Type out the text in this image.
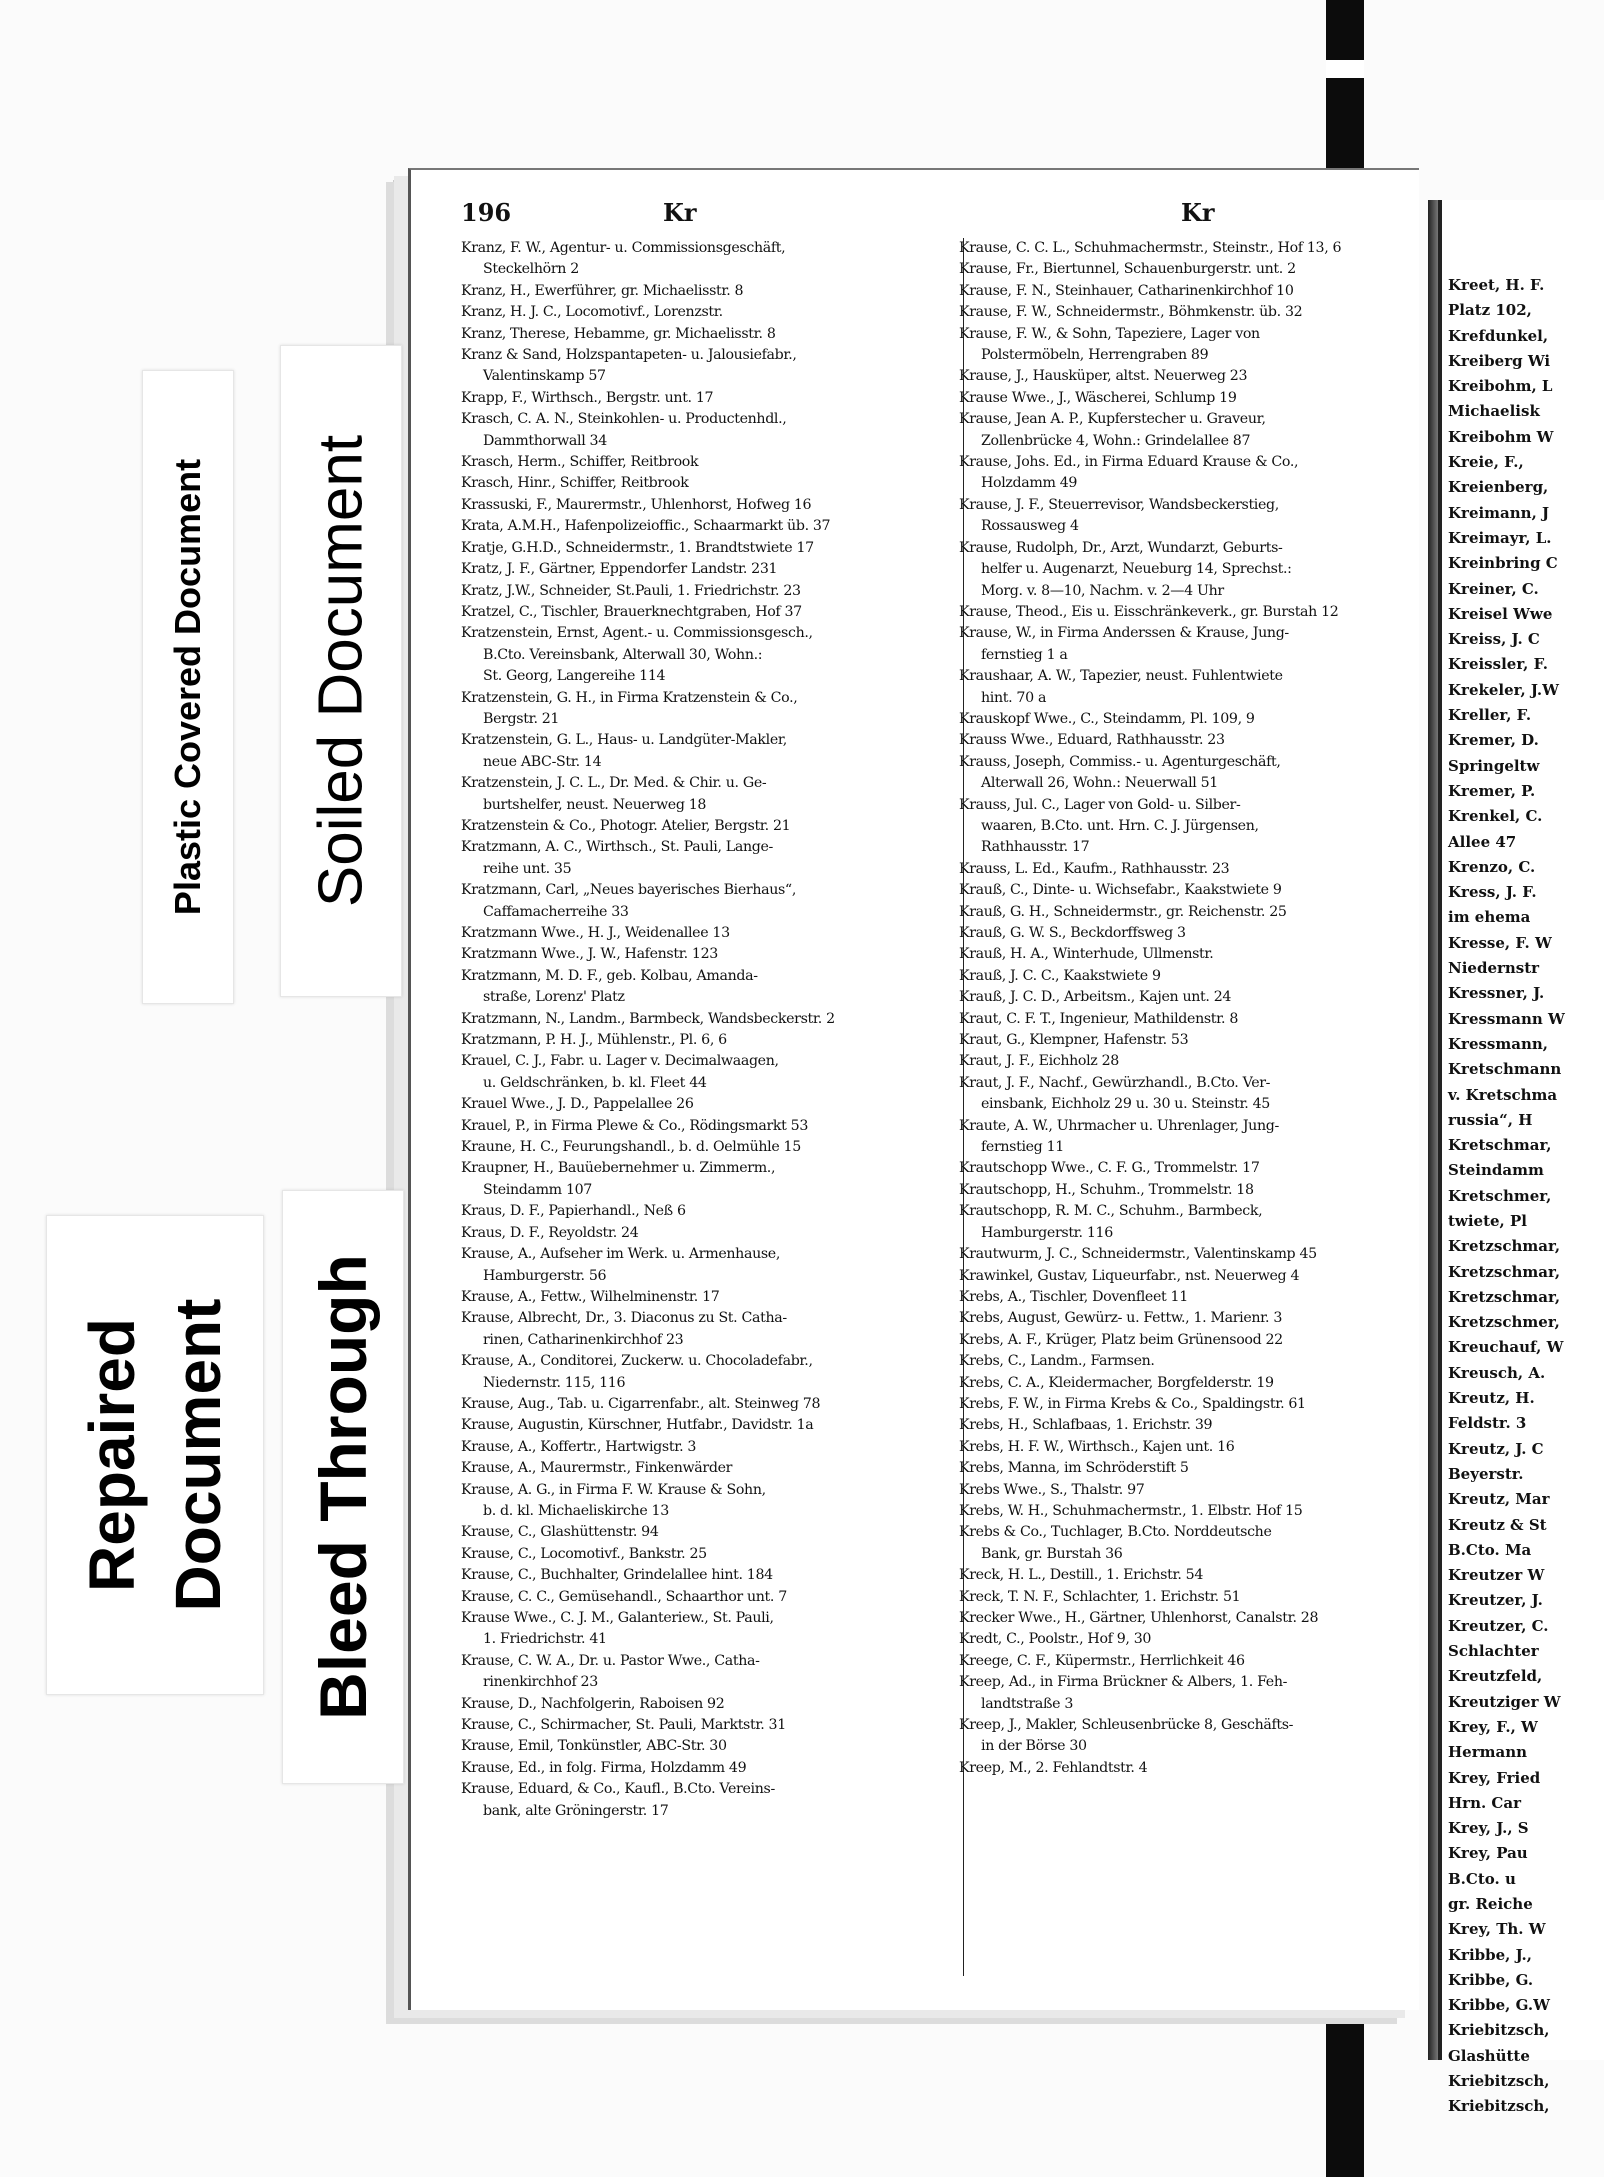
Kreet, H. F.
Platz 102,
Krefdunkel,
Kreiberg Wi
Kreibohm, L
Michaelisk
Kreibohm W
Kreie, F.,
Kreienberg,
Kreimann, J
Kreimayr, L.
Kreinbring C
Kreiner, C.
Kreisel Wwe
Kreiss, J. C
Kreissler, F.
Krekeler, J.W
Kreller, F.
Kremer, D.
Springeltw
Kremer, P.
Krenkel, C.
Allee 47
Krenzo, C.
Kress, J. F.
im ehema
Kresse, F. W
Niedernstr
Kressner, J.
Kressmann W
Kressmann,
Kretschmann
v. Kretschma
russia“, H
Kretschmar,
Steindamm
Kretschmer,
twiete, Pl
Kretzschmar,
Kretzschmar,
Kretzschmar,
Kretzschmer,
Kreuchauf, W
Kreusch, A.
Kreutz, H.
Feldstr. 3
Kreutz, J. C
Beyerstr.
Kreutz, Mar
Kreutz & St
B.Cto. Ma
Kreutzer W
Kreutzer, J.
Kreutzer, C.
Schlachter
Kreutzfeld,
Kreutziger W
Krey, F., W
Hermann
Krey, Fried
Hrn. Car
Krey, J., S
Krey, Pau
B.Cto. u
gr. Reiche
Krey, Th. W
Kribbe, J.,
Kribbe, G.
Kribbe, G.W
Kriebitzsch,
Glashütte
Kriebitzsch,
Kriebitzsch,
196	Kr	Kr
Kranz, F. W., Agentur- u. Commissionsgeschäft,
Steckelhörn 2
Kranz, H., Ewerführer, gr. Michaelisstr. 8
Kranz, H. J. C., Locomotivf., Lorenzstr.
Kranz, Therese, Hebamme, gr. Michaelisstr. 8
Kranz & Sand, Holzspantapeten- u. Jalousiefabr.,
Valentinskamp 57
Krapp, F., Wirthsch., Bergstr. unt. 17
Krasch, C. A. N., Steinkohlen- u. Productenhdl.,
Dammthorwall 34
Krasch, Herm., Schiffer, Reitbrook
Krasch, Hinr., Schiffer, Reitbrook
Krassuski, F., Maurermstr., Uhlenhorst, Hofweg 16
Krata, A.M.H., Hafenpolizeioffic., Schaarmarkt üb. 37
Kratje, G.H.D., Schneidermstr., 1. Brandtstwiete 17
Kratz, J. F., Gärtner, Eppendorfer Landstr. 231
Kratz, J.W., Schneider, St.Pauli, 1. Friedrichstr. 23
Kratzel, C., Tischler, Brauerknechtgraben, Hof 37
Kratzenstein, Ernst, Agent.- u. Commissionsgesch.,
B.Cto. Vereinsbank, Alterwall 30, Wohn.:
St. Georg, Langereihe 114
Kratzenstein, G. H., in Firma Kratzenstein & Co.,
Bergstr. 21
Kratzenstein, G. L., Haus- u. Landgüter-Makler,
neue ABC-Str. 14
Kratzenstein, J. C. L., Dr. Med. & Chir. u. Ge-
burtshelfer, neust. Neuerweg 18
Kratzenstein & Co., Photogr. Atelier, Bergstr. 21
Kratzmann, A. C., Wirthsch., St. Pauli, Lange-
reihe unt. 35
Kratzmann, Carl, „Neues bayerisches Bierhaus“,
Caffamacherreihe 33
Kratzmann Wwe., H. J., Weidenallee 13
Kratzmann Wwe., J. W., Hafenstr. 123
Kratzmann, M. D. F., geb. Kolbau, Amanda-
straße, Lorenz' Platz
Kratzmann, N., Landm., Barmbeck, Wandsbeckerstr. 2
Kratzmann, P. H. J., Mühlenstr., Pl. 6, 6
Krauel, C. J., Fabr. u. Lager v. Decimalwaagen,
u. Geldschränken, b. kl. Fleet 44
Krauel Wwe., J. D., Pappelallee 26
Krauel, P., in Firma Plewe & Co., Rödingsmarkt 53
Kraune, H. C., Feurungshandl., b. d. Oelmühle 15
Kraupner, H., Bauüebernehmer u. Zimmerm.,
Steindamm 107
Kraus, D. F., Papierhandl., Neß 6
Kraus, D. F., Reyoldstr. 24
Krause, A., Aufseher im Werk. u. Armenhause,
Hamburgerstr. 56
Krause, A., Fettw., Wilhelminenstr. 17
Krause, Albrecht, Dr., 3. Diaconus zu St. Catha-
rinen, Catharinenkirchhof 23
Krause, A., Conditorei, Zuckerw. u. Chocoladefabr.,
Niedernstr. 115, 116
Krause, Aug., Tab. u. Cigarrenfabr., alt. Steinweg 78
Krause, Augustin, Kürschner, Hutfabr., Davidstr. 1a
Krause, A., Koffertr., Hartwigstr. 3
Krause, A., Maurermstr., Finkenwärder
Krause, A. G., in Firma F. W. Krause & Sohn,
b. d. kl. Michaeliskirche 13
Krause, C., Glashüttenstr. 94
Krause, C., Locomotivf., Bankstr. 25
Krause, C., Buchhalter, Grindelallee hint. 184
Krause, C. C., Gemüsehandl., Schaarthor unt. 7
Krause Wwe., C. J. M., Galanteriew., St. Pauli,
1. Friedrichstr. 41
Krause, C. W. A., Dr. u. Pastor Wwe., Catha-
rinenkirchhof 23
Krause, D., Nachfolgerin, Raboisen 92
Krause, C., Schirmacher, St. Pauli, Marktstr. 31
Krause, Emil, Tonkünstler, ABC-Str. 30
Krause, Ed., in folg. Firma, Holzdamm 49
Krause, Eduard, & Co., Kaufl., B.Cto. Vereins-
bank, alte Gröningerstr. 17
Krause, C. C. L., Schuhmachermstr., Steinstr., Hof 13, 6
Krause, Fr., Biertunnel, Schauenburgerstr. unt. 2
Krause, F. N., Steinhauer, Catharinenkirchhof 10
Krause, F. W., Schneidermstr., Böhmkenstr. üb. 32
Krause, F. W., & Sohn, Tapeziere, Lager von
Polstermöbeln, Herrengraben 89
Krause, J., Hausküper, altst. Neuerweg 23
Krause Wwe., J., Wäscherei, Schlump 19
Krause, Jean A. P., Kupferstecher u. Graveur,
Zollenbrücke 4, Wohn.: Grindelallee 87
Krause, Johs. Ed., in Firma Eduard Krause & Co.,
Holzdamm 49
Krause, J. F., Steuerrevisor, Wandsbeckerstieg,
Rossausweg 4
Krause, Rudolph, Dr., Arzt, Wundarzt, Geburts-
helfer u. Augenarzt, Neueburg 14, Sprechst.:
Morg. v. 8—10, Nachm. v. 2—4 Uhr
Krause, Theod., Eis u. Eisschränkeverk., gr. Burstah 12
Krause, W., in Firma Anderssen & Krause, Jung-
fernstieg 1 a
Kraushaar, A. W., Tapezier, neust. Fuhlentwiete
hint. 70 a
Krauskopf Wwe., C., Steindamm, Pl. 109, 9
Krauss Wwe., Eduard, Rathhausstr. 23
Krauss, Joseph, Commiss.- u. Agenturgeschäft,
Alterwall 26, Wohn.: Neuerwall 51
Krauss, Jul. C., Lager von Gold- u. Silber-
waaren, B.Cto. unt. Hrn. C. J. Jürgensen,
Rathhausstr. 17
Krauss, L. Ed., Kaufm., Rathhausstr. 23
Krauß, C., Dinte- u. Wichsefabr., Kaakstwiete 9
Krauß, G. H., Schneidermstr., gr. Reichenstr. 25
Krauß, G. W. S., Beckdorffsweg 3
Krauß, H. A., Winterhude, Ullmenstr.
Krauß, J. C. C., Kaakstwiete 9
Krauß, J. C. D., Arbeitsm., Kajen unt. 24
Kraut, C. F. T., Ingenieur, Mathildenstr. 8
Kraut, G., Klempner, Hafenstr. 53
Kraut, J. F., Eichholz 28
Kraut, J. F., Nachf., Gewürzhandl., B.Cto. Ver-
einsbank, Eichholz 29 u. 30 u. Steinstr. 45
Kraute, A. W., Uhrmacher u. Uhrenlager, Jung-
fernstieg 11
Krautschopp Wwe., C. F. G., Trommelstr. 17
Krautschopp, H., Schuhm., Trommelstr. 18
Krautschopp, R. M. C., Schuhm., Barmbeck,
Hamburgerstr. 116
Krautwurm, J. C., Schneidermstr., Valentinskamp 45
Krawinkel, Gustav, Liqueurfabr., nst. Neuerweg 4
Krebs, A., Tischler, Dovenfleet 11
Krebs, August, Gewürz- u. Fettw., 1. Marienr. 3
Krebs, A. F., Krüger, Platz beim Grünensood 22
Krebs, C., Landm., Farmsen.
Krebs, C. A., Kleidermacher, Borgfelderstr. 19
Krebs, F. W., in Firma Krebs & Co., Spaldingstr. 61
Krebs, H., Schlafbaas, 1. Erichstr. 39
Krebs, H. F. W., Wirthsch., Kajen unt. 16
Krebs, Manna, im Schröderstift 5
Krebs Wwe., S., Thalstr. 97
Krebs, W. H., Schuhmachermstr., 1. Elbstr. Hof 15
Krebs & Co., Tuchlager, B.Cto. Norddeutsche
Bank, gr. Burstah 36
Kreck, H. L., Destill., 1. Erichstr. 54
Kreck, T. N. F., Schlachter, 1. Erichstr. 51
Krecker Wwe., H., Gärtner, Uhlenhorst, Canalstr. 28
Kredt, C., Poolstr., Hof 9, 30
Kreege, C. F., Küpermstr., Herrlichkeit 46
Kreep, Ad., in Firma Brückner & Albers, 1. Feh-
landtstraße 3
Kreep, J., Makler, Schleusenbrücke 8, Geschäfts-
in der Börse 30
Kreep, M., 2. Fehlandtstr. 4
Plastic Covered Document Soiled Document
Repaired Document Bleed Through
